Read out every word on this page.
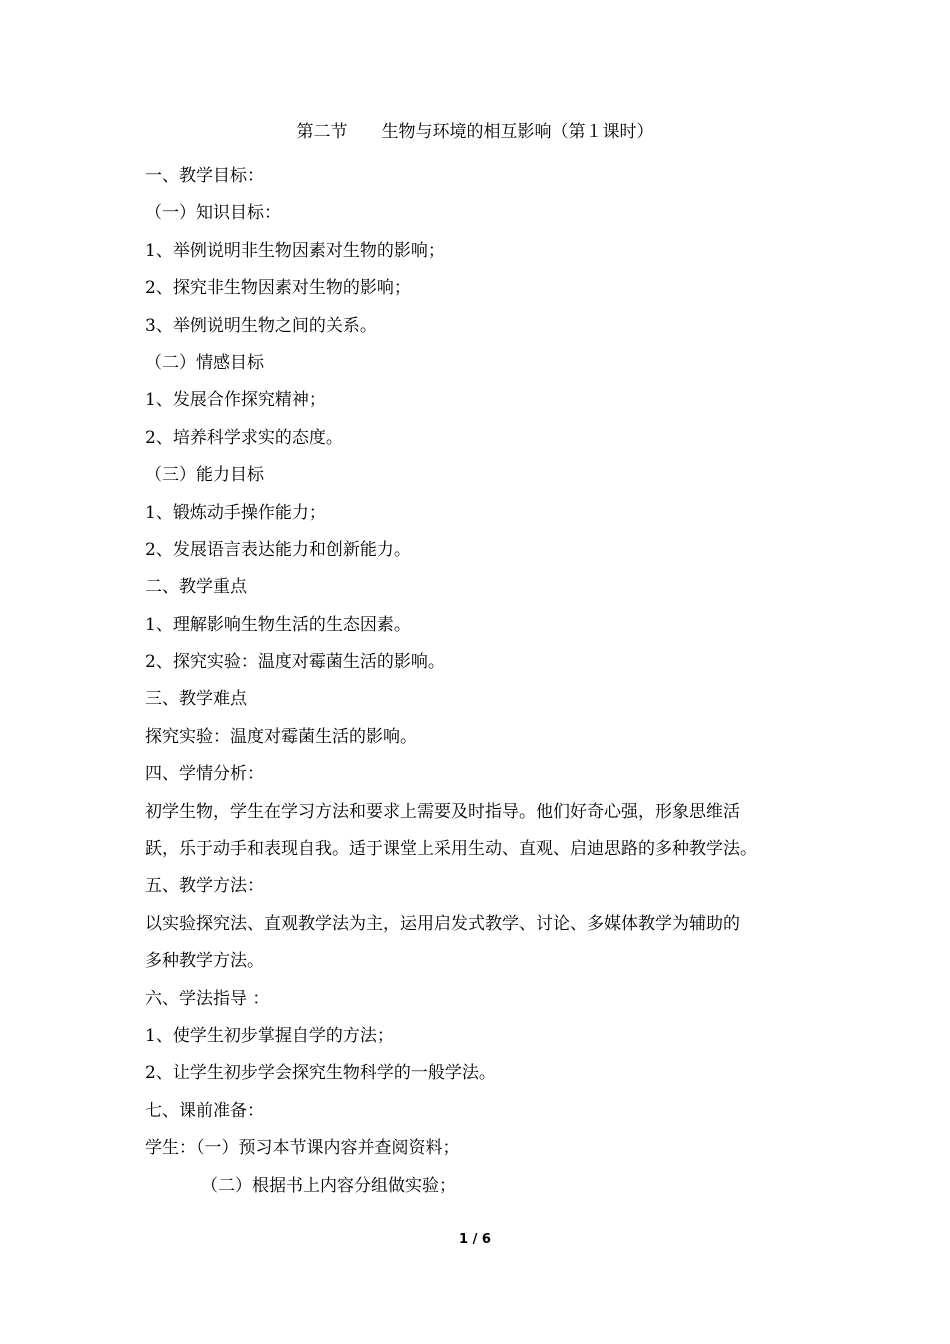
第二节　　生物与环境的相互影响（第１课时）
一、教学目标：
（一）知识目标：
1、举例说明非生物因素对生物的影响；
2、探究非生物因素对生物的影响；
3、举例说明生物之间的关系。
（二）情感目标
1、发展合作探究精神；
2、培养科学求实的态度。
（三）能力目标
1、锻炼动手操作能力；
2、发展语言表达能力和创新能力。
二、教学重点
1、理解影响生物生活的生态因素。
2、探究实验：温度对霉菌生活的影响。
三、教学难点
探究实验：温度对霉菌生活的影响。
四、学情分析：
初学生物，学生在学习方法和要求上需要及时指导。他们好奇心强，形象思维活
跃，乐于动手和表现自我。适于课堂上采用生动、直观、启迪思路的多种教学法。
五、教学方法：
以实验探究法、直观教学法为主，运用启发式教学、讨论、多媒体教学为辅助的
多种教学方法。
六、学法指导 ：
1、使学生初步掌握自学的方法；
2、让学生初步学会探究生物科学的一般学法。
七、课前准备：
学生：（一）预习本节课内容并查阅资料；
（二）根据书上内容分组做实验；
1 / 6
